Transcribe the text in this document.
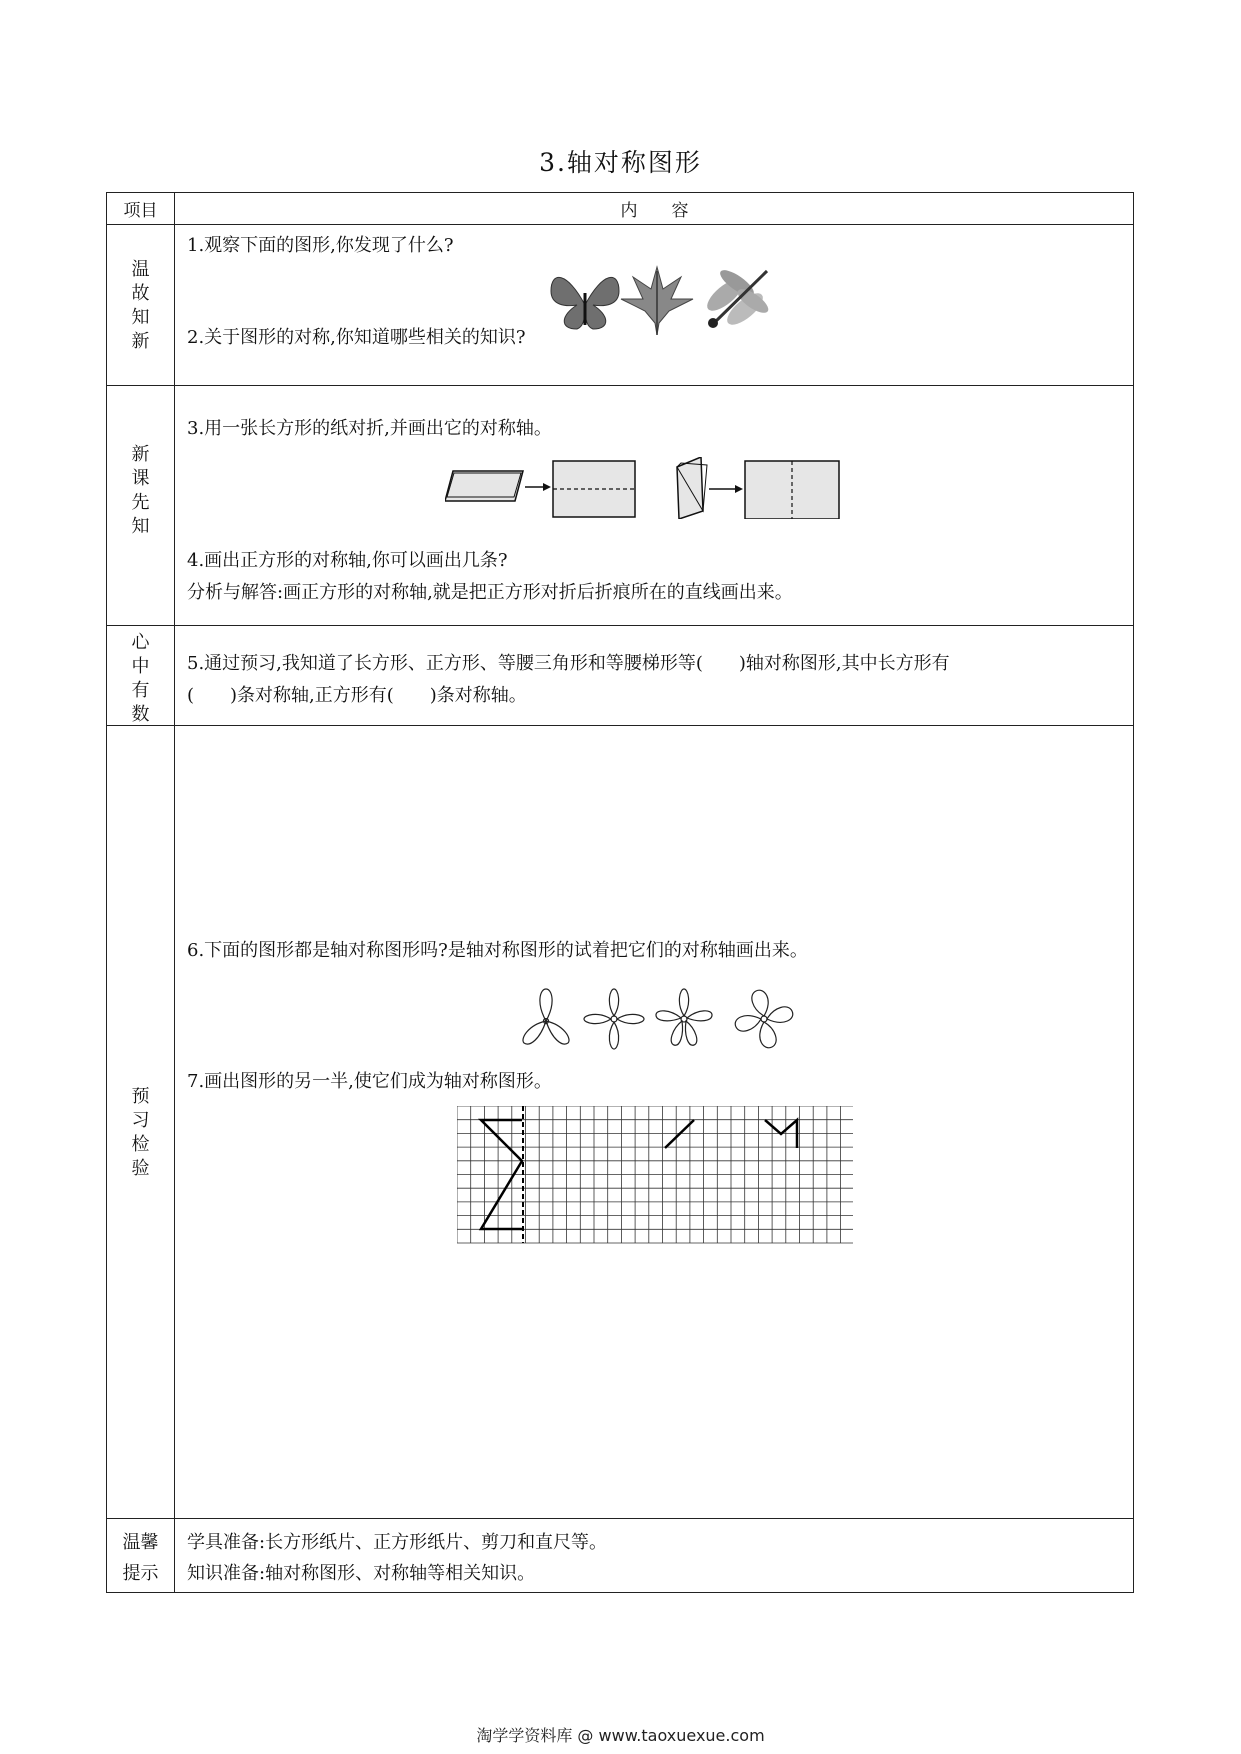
3.轴对称图形
项目	内　　容
温故知新
1.观察下面的图形,你发现了什么?
2.关于图形的对称,你知道哪些相关的知识?
新课先知
3.用一张长方形的纸对折,并画出它的对称轴。
4.画出正方形的对称轴,你可以画出几条?
分析与解答:画正方形的对称轴,就是把正方形对折后折痕所在的直线画出来。
心中有数
5.通过预习,我知道了长方形、正方形、等腰三角形和等腰梯形等(　　)轴对称图形,其中长方形有
(　　)条对称轴,正方形有(　　)条对称轴。
预习检验
6.下面的图形都是轴对称图形吗?是轴对称图形的试着把它们的对称轴画出来。
7.画出图形的另一半,使它们成为轴对称图形。
温馨提示
学具准备:长方形纸片、正方形纸片、剪刀和直尺等。
知识准备:轴对称图形、对称轴等相关知识。
淘学学资料库 @ www.taoxuexue.com
